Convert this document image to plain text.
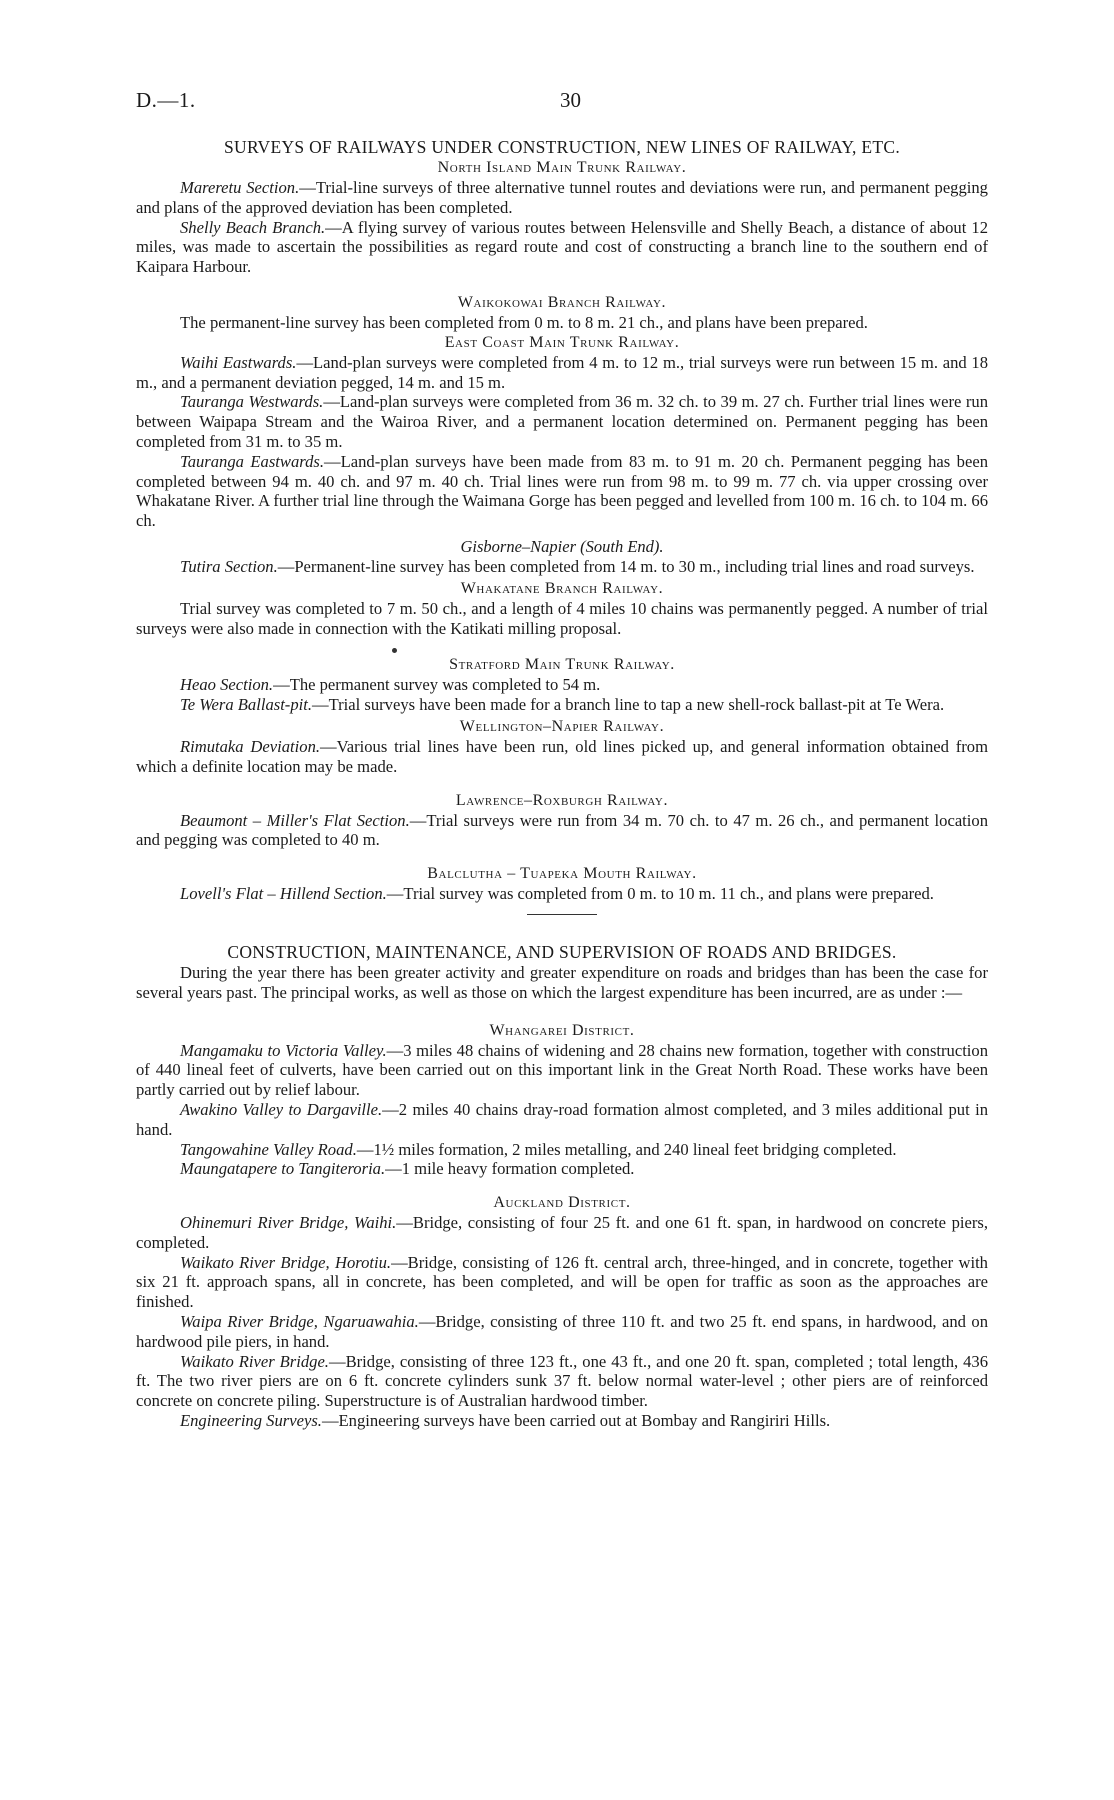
D.—1.	30
SURVEYS OF RAILWAYS UNDER CONSTRUCTION, NEW LINES OF RAILWAY, ETC.
North Island Main Trunk Railway.

Mareretu Section.—Trial-line surveys of three alternative tunnel routes and deviations were run, and permanent pegging and plans of the approved deviation has been completed.

Shelly Beach Branch.—A flying survey of various routes between Helensville and Shelly Beach, a distance of about 12 miles, was made to ascertain the possibilities as regard route and cost of constructing a branch line to the southern end of Kaipara Harbour.

Waikokowai Branch Railway.

The permanent-line survey has been completed from 0 m. to 8 m. 21 ch., and plans have been prepared.

East Coast Main Trunk Railway.

Waihi Eastwards.—Land-plan surveys were completed from 4 m. to 12 m., trial surveys were run between 15 m. and 18 m., and a permanent deviation pegged, 14 m. and 15 m.

Tauranga Westwards.—Land-plan surveys were completed from 36 m. 32 ch. to 39 m. 27 ch. Further trial lines were run between Waipapa Stream and the Wairoa River, and a permanent location determined on. Permanent pegging has been completed from 31 m. to 35 m.

Tauranga Eastwards.—Land-plan surveys have been made from 83 m. to 91 m. 20 ch. Permanent pegging has been completed between 94 m. 40 ch. and 97 m. 40 ch. Trial lines were run from 98 m. to 99 m. 77 ch. via upper crossing over Whakatane River. A further trial line through the Waimana Gorge has been pegged and levelled from 100 m. 16 ch. to 104 m. 66 ch.

Gisborne–Napier (South End).

Tutira Section.—Permanent-line survey has been completed from 14 m. to 30 m., including trial lines and road surveys.

Whakatane Branch Railway.

Trial survey was completed to 7 m. 50 ch., and a length of 4 miles 10 chains was permanently pegged. A number of trial surveys were also made in connection with the Katikati milling proposal.

Stratford Main Trunk Railway.

Heao Section.—The permanent survey was completed to 54 m.

Te Wera Ballast-pit.—Trial surveys have been made for a branch line to tap a new shell-rock ballast-pit at Te Wera.

Wellington–Napier Railway.

Rimutaka Deviation.—Various trial lines have been run, old lines picked up, and general information obtained from which a definite location may be made.

Lawrence–Roxburgh Railway.

Beaumont – Miller's Flat Section.—Trial surveys were run from 34 m. 70 ch. to 47 m. 26 ch., and permanent location and pegging was completed to 40 m.

Balclutha – Tuapeka Mouth Railway.

Lovell's Flat – Hillend Section.—Trial survey was completed from 0 m. to 10 m. 11 ch., and plans were prepared.

CONSTRUCTION, MAINTENANCE, AND SUPERVISION OF ROADS AND BRIDGES.

During the year there has been greater activity and greater expenditure on roads and bridges than has been the case for several years past. The principal works, as well as those on which the largest expenditure has been incurred, are as under :—

Whangarei District.

Mangamaku to Victoria Valley.—3 miles 48 chains of widening and 28 chains new formation, together with construction of 440 lineal feet of culverts, have been carried out on this important link in the Great North Road. These works have been partly carried out by relief labour.

Awakino Valley to Dargaville.—2 miles 40 chains dray-road formation almost completed, and 3 miles additional put in hand.

Tangowahine Valley Road.—1½ miles formation, 2 miles metalling, and 240 lineal feet bridging completed.

Maungatapere to Tangiteroria.—1 mile heavy formation completed.

Auckland District.

Ohinemuri River Bridge, Waihi.—Bridge, consisting of four 25 ft. and one 61 ft. span, in hardwood on concrete piers, completed.

Waikato River Bridge, Horotiu.—Bridge, consisting of 126 ft. central arch, three-hinged, and in concrete, together with six 21 ft. approach spans, all in concrete, has been completed, and will be open for traffic as soon as the approaches are finished.

Waipa River Bridge, Ngaruawahia.—Bridge, consisting of three 110 ft. and two 25 ft. end spans, in hardwood, and on hardwood pile piers, in hand.

Waikato River Bridge.—Bridge, consisting of three 123 ft., one 43 ft., and one 20 ft. span, completed ; total length, 436 ft. The two river piers are on 6 ft. concrete cylinders sunk 37 ft. below normal water-level ; other piers are of reinforced concrete on concrete piling. Superstructure is of Australian hardwood timber.

Engineering Surveys.—Engineering surveys have been carried out at Bombay and Rangiriri Hills.
